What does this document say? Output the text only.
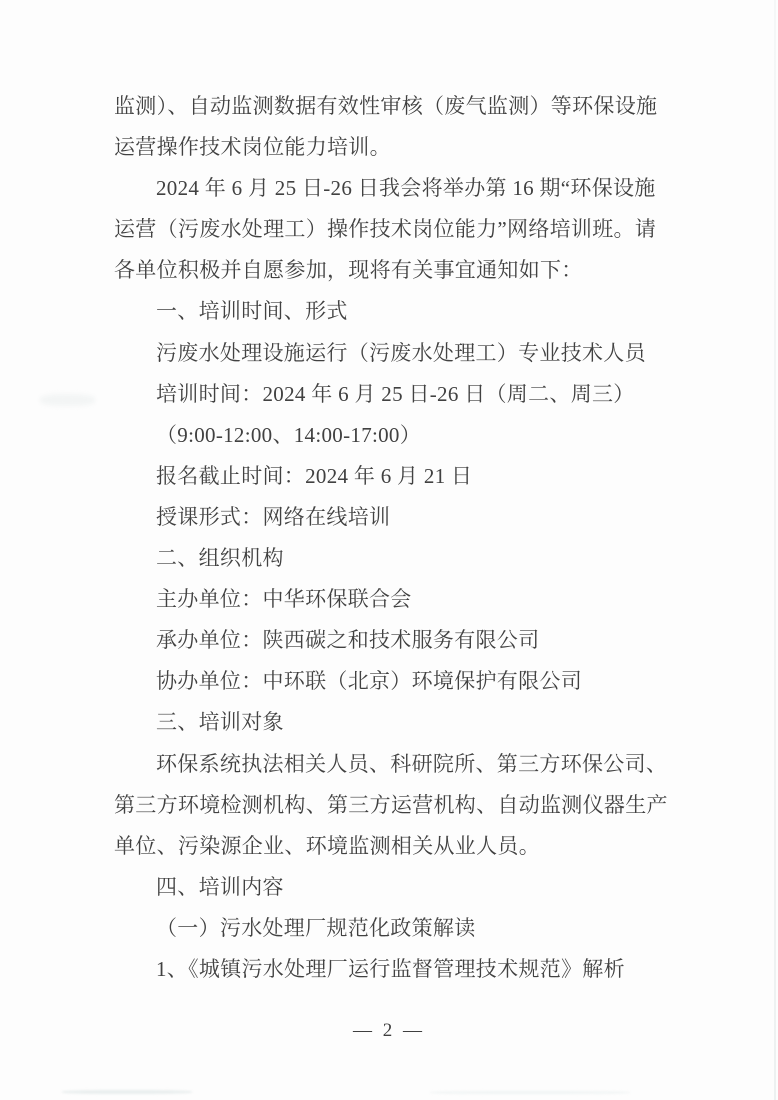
监测）、自动监测数据有效性审核（废气监测）等环保设施
运营操作技术岗位能力培训。
2024 年 6 月 25 日-26 日我会将举办第 16 期“环保设施
运营（污废水处理工）操作技术岗位能力”网络培训班。请
各单位积极并自愿参加，现将有关事宜通知如下：
一、培训时间、形式
污废水处理设施运行（污废水处理工）专业技术人员
培训时间：2024 年 6 月 25 日-26 日（周二、周三）
（9:00-12:00、14:00-17:00）
报名截止时间：2024 年 6 月 21 日
授课形式：网络在线培训
二、组织机构
主办单位：中华环保联合会
承办单位：陕西碳之和技术服务有限公司
协办单位：中环联（北京）环境保护有限公司
三、培训对象
环保系统执法相关人员、科研院所、第三方环保公司、
第三方环境检测机构、第三方运营机构、自动监测仪器生产
单位、污染源企业、环境监测相关从业人员。
四、培训内容
（一）污水处理厂规范化政策解读
1、《城镇污水处理厂运行监督管理技术规范》解析
— 2 —
